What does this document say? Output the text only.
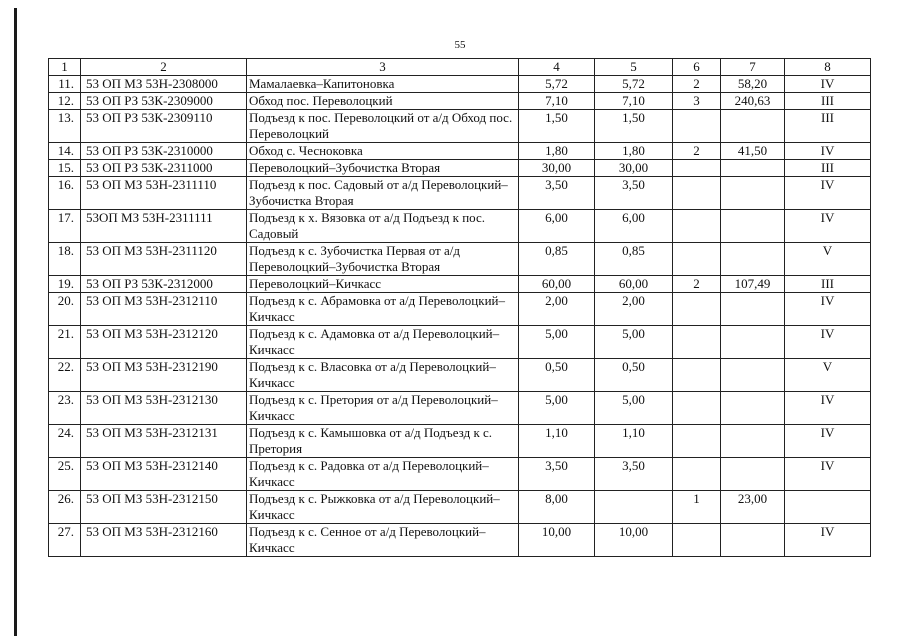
55
1	2	3	4	5	6	7	8
11.	53 ОП МЗ 53Н-2308000	Мамалаевка–Капитоновка	5,72	5,72	2	58,20	IV
12.	53 ОП РЗ 53К-2309000	Обход пос. Переволоцкий	7,10	7,10	3	240,63	III
13.	53 ОП РЗ 53К-2309110	Подъезд к пос. Переволоцкий от а/д Обход пос. Переволоцкий	1,50	1,50			III
14.	53 ОП РЗ 53К-2310000	Обход с. Чесноковка	1,80	1,80	2	41,50	IV
15.	53 ОП РЗ 53К-2311000	Переволоцкий–Зубочистка Вторая	30,00	30,00			III
16.	53 ОП МЗ 53Н-2311110	Подъезд к пос. Садовый от а/д Переволоцкий–Зубочистка Вторая	3,50	3,50			IV
17.	53ОП МЗ 53Н-2311111	Подъезд к х. Вязовка от а/д Подъезд к пос. Садовый	6,00	6,00			IV
18.	53 ОП МЗ 53Н-2311120	Подъезд к с. Зубочистка Первая от а/д Переволоцкий–Зубочистка Вторая	0,85	0,85			V
19.	53 ОП РЗ 53К-2312000	Переволоцкий–Кичкасс	60,00	60,00	2	107,49	III
20.	53 ОП МЗ 53Н-2312110	Подъезд к с. Абрамовка от а/д Переволоцкий–Кичкасс	2,00	2,00			IV
21.	53 ОП МЗ 53Н-2312120	Подъезд к с. Адамовка от а/д Переволоцкий–Кичкасс	5,00	5,00			IV
22.	53 ОП МЗ 53Н-2312190	Подъезд к с. Власовка от а/д Переволоцкий–Кичкасс	0,50	0,50			V
23.	53 ОП МЗ 53Н-2312130	Подъезд к с. Претория от а/д Переволоцкий–Кичкасс	5,00	5,00			IV
24.	53 ОП МЗ 53Н-2312131	Подъезд к с. Камышовка от а/д Подъезд к с. Претория	1,10	1,10			IV
25.	53 ОП МЗ 53Н-2312140	Подъезд к с. Радовка от а/д Переволоцкий–Кичкасс	3,50	3,50			IV
26.	53 ОП МЗ 53Н-2312150	Подъезд к с. Рыжковка от а/д Переволоцкий–Кичкасс	8,00		1	23,00	
27.	53 ОП МЗ 53Н-2312160	Подъезд к с. Сенное от а/д Переволоцкий–Кичкасс	10,00	10,00			IV
